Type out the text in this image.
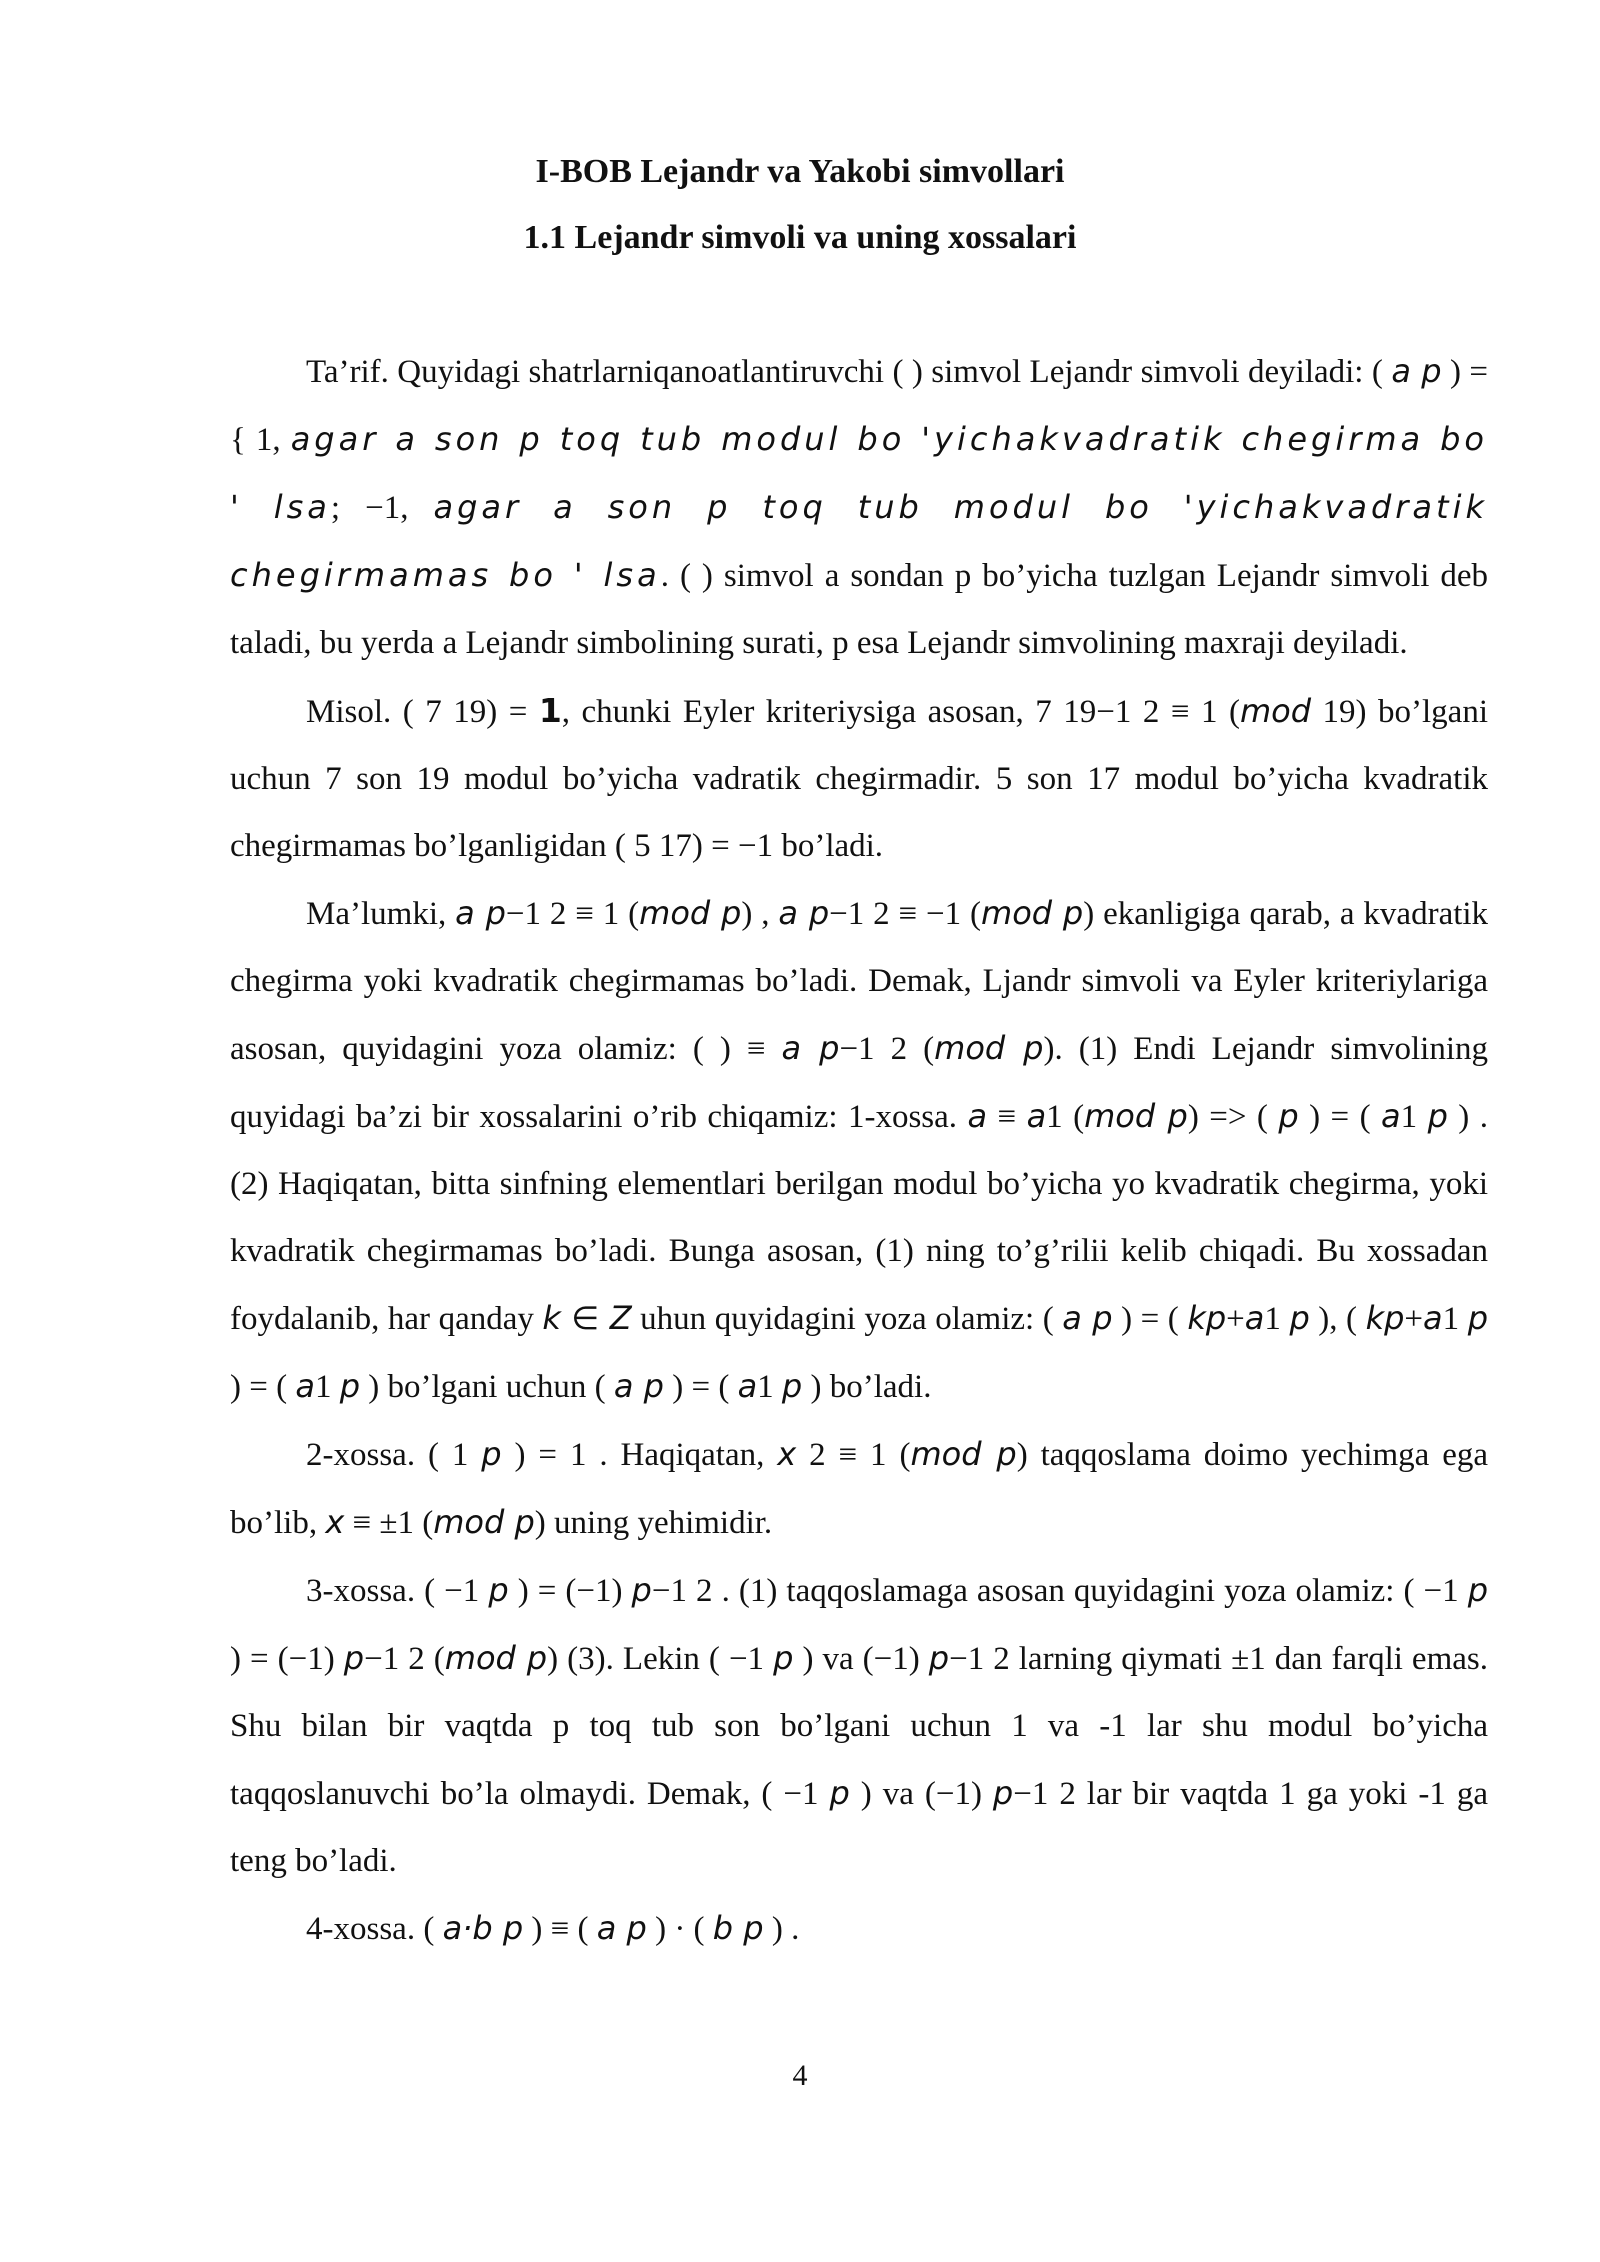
I-BOB Lejandr va Yakobi simvollari
1.1 Lejandr simvoli va uning xossalari

Ta’rif. Quyidagi shatrlarniqanoatlantiruvchi ( ) simvol Lejandr simvoli deyiladi: ( a p ) = { 1, agar a son p toq tub modul bo 'yichakvadratik chegirma bo ' lsa; −1, agar a son p toq tub modul bo 'yichakvadratik chegirmamas bo ' lsa. ( ) simvol a sondan p bo’yicha tuzlgan Lejandr simvoli deb taladi, bu yerda a Lejandr simbolining surati, p esa Lejandr simvolining maxraji deyiladi.

Misol. ( 7 19) = 1, chunki Eyler kriteriysiga asosan, 7 19−1 2 ≡ 1 (mod 19) bo’lgani uchun 7 son 19 modul bo’yicha vadratik chegirmadir. 5 son 17 modul bo’yicha kvadratik chegirmamas bo’lganligidan ( 5 17) = −1 bo’ladi.

Ma’lumki, a p−1 2 ≡ 1 (mod p) , a p−1 2 ≡ −1 (mod p) ekanligiga qarab, a kvadratik chegirma yoki kvadratik chegirmamas bo’ladi. Demak, Ljandr simvoli va Eyler kriteriylariga asosan, quyidagini yoza olamiz: ( ) ≡ a p−1 2 (mod p). (1) Endi Lejandr simvolining quyidagi ba’zi bir xossalarini o’rib chiqamiz: 1-xossa. a ≡ a1 (mod p) => ( p ) = ( a1 p ) . (2) Haqiqatan, bitta sinfning elementlari berilgan modul bo’yicha yo kvadratik chegirma, yoki kvadratik chegirmamas bo’ladi. Bunga asosan, (1) ning to’g’rilii kelib chiqadi. Bu xossadan foydalanib, har qanday k ∈ Z uhun quyidagini yoza olamiz: ( a p ) = ( kp+a1 p ), ( kp+a1 p ) = ( a1 p ) bo’lgani uchun ( a p ) = ( a1 p ) bo’ladi.

2-xossa. ( 1 p ) = 1 . Haqiqatan, x 2 ≡ 1 (mod p) taqqoslama doimo yechimga ega bo’lib, x ≡ ±1 (mod p) uning yehimidir.

3-xossa. ( −1 p ) = (−1) p−1 2 . (1) taqqoslamaga asosan quyidagini yoza olamiz: ( −1 p ) = (−1) p−1 2 (mod p) (3). Lekin ( −1 p ) va (−1) p−1 2 larning qiymati ±1 dan farqli emas. Shu bilan bir vaqtda p toq tub son bo’lgani uchun 1 va -1 lar shu modul bo’yicha taqqoslanuvchi bo’la olmaydi. Demak, ( −1 p ) va (−1) p−1 2 lar bir vaqtda 1 ga yoki -1 ga teng bo’ladi.

4-xossa. ( a·b p ) ≡ ( a p ) · ( b p ) .

4
